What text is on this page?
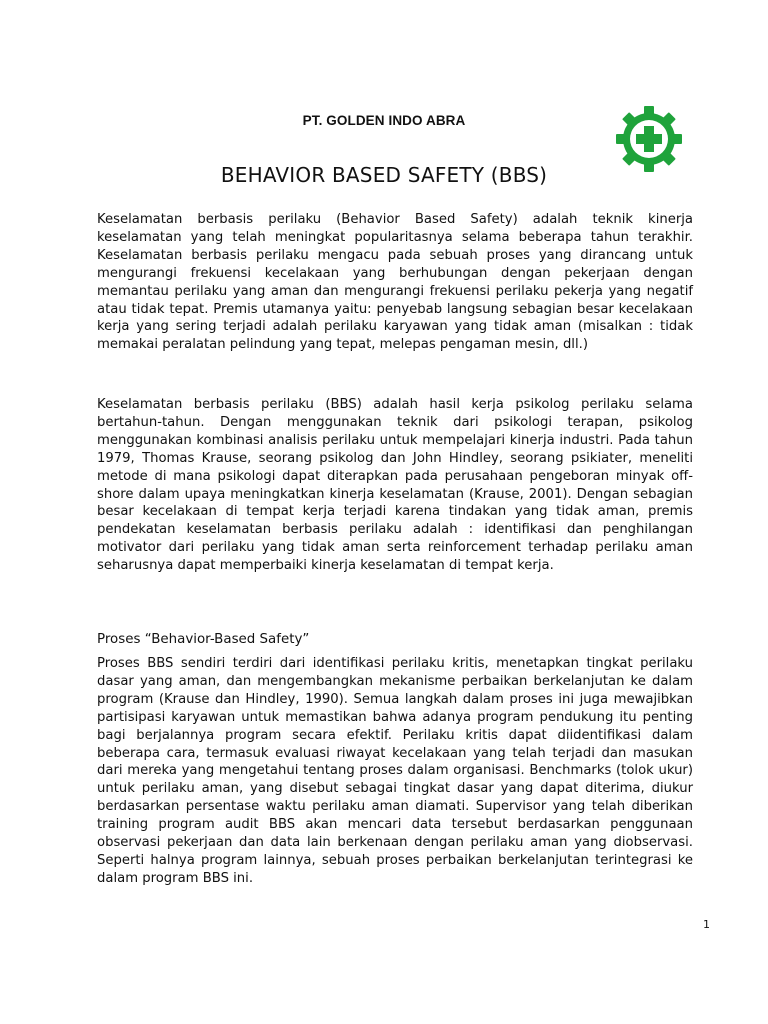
PT. GOLDEN INDO ABRA
BEHAVIOR BASED SAFETY (BBS)

Keselamatan berbasis perilaku (Behavior Based Safety) adalah teknik kinerja keselamatan yang telah meningkat popularitasnya selama beberapa tahun terakhir. Keselamatan berbasis perilaku mengacu pada sebuah proses yang dirancang untuk mengurangi frekuensi kecelakaan yang berhubungan dengan pekerjaan dengan memantau perilaku yang aman dan mengurangi frekuensi perilaku pekerja yang negatif atau tidak tepat. Premis utamanya yaitu: penyebab langsung sebagian besar kecelakaan kerja yang sering terjadi adalah perilaku karyawan yang tidak aman (misalkan : tidak memakai peralatan pelindung yang tepat, melepas pengaman mesin, dll.)

Keselamatan berbasis perilaku (BBS) adalah hasil kerja psikolog perilaku selama bertahun-tahun. Dengan menggunakan teknik dari psikologi terapan, psikolog menggunakan kombinasi analisis perilaku untuk mempelajari kinerja industri. Pada tahun 1979, Thomas Krause, seorang psikolog dan John Hindley, seorang psikiater, meneliti metode di mana psikologi dapat diterapkan pada perusahaan pengeboran minyak off-shore dalam upaya meningkatkan kinerja keselamatan (Krause, 2001). Dengan sebagian besar kecelakaan di tempat kerja terjadi karena tindakan yang tidak aman, premis pendekatan keselamatan berbasis perilaku adalah : identifikasi dan penghilangan motivator dari perilaku yang tidak aman serta reinforcement terhadap perilaku aman seharusnya dapat memperbaiki kinerja keselamatan di tempat kerja.

Proses “Behavior-Based Safety”

Proses BBS sendiri terdiri dari identifikasi perilaku kritis, menetapkan tingkat perilaku dasar yang aman, dan mengembangkan mekanisme perbaikan berkelanjutan ke dalam program (Krause dan Hindley, 1990). Semua langkah dalam proses ini juga mewajibkan partisipasi karyawan untuk memastikan bahwa adanya program pendukung itu penting bagi berjalannya program secara efektif. Perilaku kritis dapat diidentifikasi dalam beberapa cara, termasuk evaluasi riwayat kecelakaan yang telah terjadi dan masukan dari mereka yang mengetahui tentang proses dalam organisasi. Benchmarks (tolok ukur) untuk perilaku aman, yang disebut sebagai tingkat dasar yang dapat diterima, diukur berdasarkan persentase waktu perilaku aman diamati. Supervisor yang telah diberikan training program audit BBS akan mencari data tersebut berdasarkan penggunaan observasi pekerjaan dan data lain berkenaan dengan perilaku aman yang diobservasi. Seperti halnya program lainnya, sebuah proses perbaikan berkelanjutan terintegrasi ke dalam program BBS ini.

1
